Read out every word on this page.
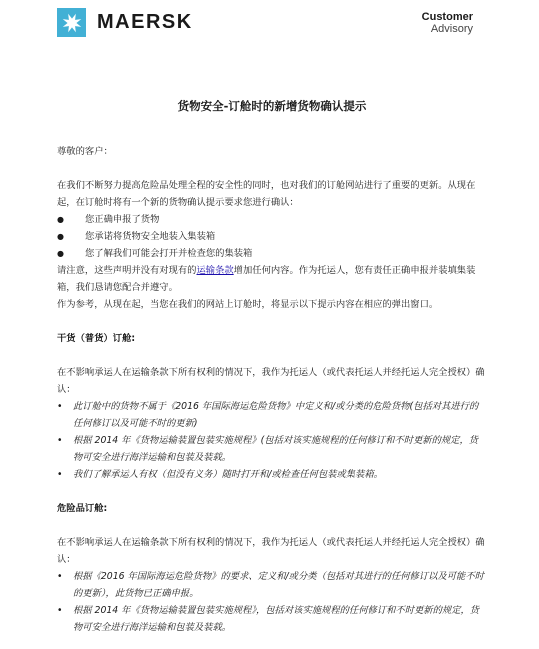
MAERSK	Customer
Advisory
货物安全-订舱时的新增货物确认提示

尊敬的客户：

在我们不断努力提高危险品处理全程的安全性的同时，也对我们的订舱网站进行了重要的更新。从现在起，在订舱时将有一个新的货物确认提示要求您进行确认：

● 您正确申报了货物
● 您承诺将货物安全地装入集装箱
● 您了解我们可能会打开并检查您的集装箱

请注意，这些声明并没有对现有的运输条款增加任何内容。作为托运人，您有责任正确申报并装填集装箱，我们恳请您配合并遵守。

作为参考，从现在起，当您在我们的网站上订舱时，将显示以下提示内容在相应的弹出窗口。

干货（普货）订舱:

在不影响承运人在运输条款下所有权利的情况下，我作为托运人（或代表托运人并经托运人完全授权）确认：

• 此订舱中的货物不属于《2016 年国际海运危险货物》中定义和/或分类的危险货物(包括对其进行的任何修订以及可能不时的更新)
• 根据 2014 年《货物运输装置包装实施规程》(包括对该实施规程的任何修订和不时更新的规定，货物可安全进行海洋运输和包装及装载。
• 我们了解承运人有权（但没有义务）随时打开和/或检查任何包装或集装箱。

危险品订舱:

在不影响承运人在运输条款下所有权利的情况下，我作为托运人（或代表托运人并经托运人完全授权）确认：

• 根据《2016 年国际海运危险货物》的要求、定义和/或分类（包括对其进行的任何修订以及可能不时的更新），此货物已正确申报。
• 根据 2014 年《货物运输装置包装实施规程》，包括对该实施规程的任何修订和不时更新的规定，货物可安全进行海洋运输和包装及装载。
